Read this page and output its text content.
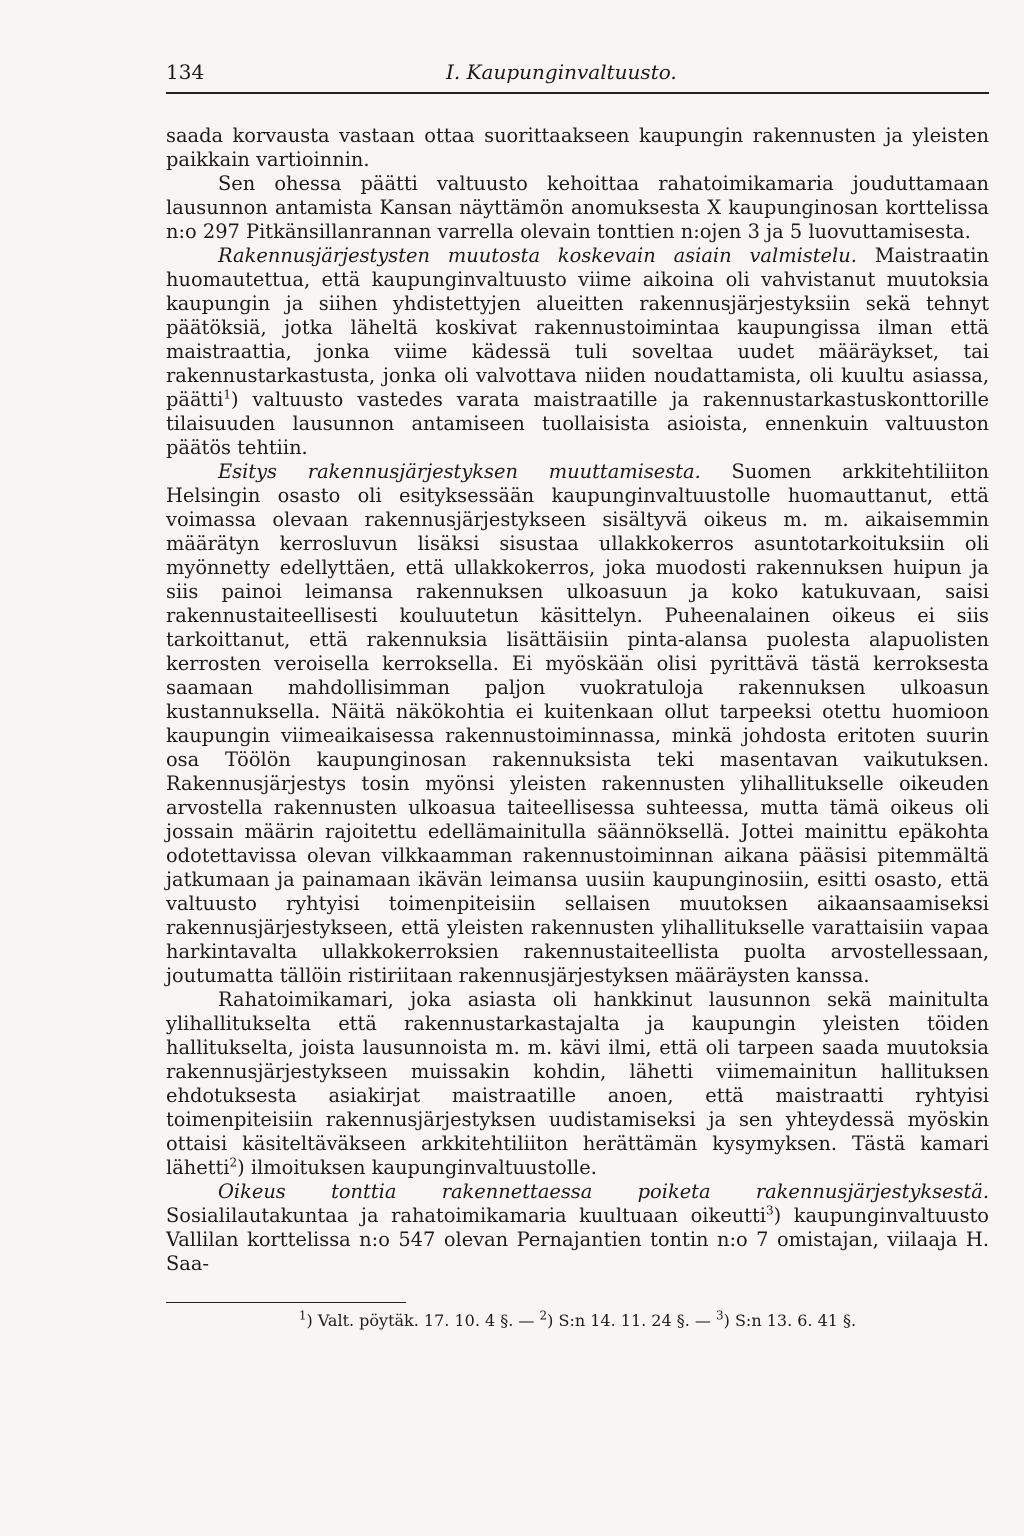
134	I. Kaupunginvaltuusto.

saada korvausta vastaan ottaa suorittaakseen kaupungin rakennusten ja yleisten paikkain vartioinnin.

Sen ohessa päätti valtuusto kehoittaa rahatoimikamaria jouduttamaan lausunnon antamista Kansan näyttämön anomuksesta X kaupunginosan korttelissa n:o 297 Pitkänsillanrannan varrella olevain tonttien n:ojen 3 ja 5 luovuttamisesta.

Rakennusjärjestysten muutosta koskevain asiain valmistelu. Maistraatin huomautettua, että kaupunginvaltuusto viime aikoina oli vahvistanut muutoksia kaupungin ja siihen yhdistettyjen alueitten rakennusjärjestyksiin sekä tehnyt päätöksiä, jotka läheltä koskivat rakennustoimintaa kaupungissa ilman että maistraattia, jonka viime kädessä tuli soveltaa uudet määräykset, tai rakennustarkastusta, jonka oli valvottava niiden noudattamista, oli kuultu asiassa, päätti$^1$) valtuusto vastedes varata maistraatille ja rakennustarkastuskonttorille tilaisuuden lausunnon antamiseen tuollaisista asioista, ennenkuin valtuuston päätös tehtiin.

Esitys rakennusjärjestyksen muuttamisesta. Suomen arkkitehtiliiton Helsingin osasto oli esityksessään kaupunginvaltuustolle huomauttanut, että voimassa olevaan rakennusjärjestykseen sisältyvä oikeus m. m. aikaisemmin määrätyn kerrosluvun lisäksi sisustaa ullakkokerros asuntotarkoituksiin oli myönnetty edellyttäen, että ullakkokerros, joka muodosti rakennuksen huipun ja siis painoi leimansa rakennuksen ulkoasuun ja koko katukuvaan, saisi rakennustaiteellisesti kouluutetun käsittelyn. Puheenalainen oikeus ei siis tarkoittanut, että rakennuksia lisättäisiin pinta-alansa puolesta alapuolisten kerrosten veroisella kerroksella. Ei myöskään olisi pyrittävä tästä kerroksesta saamaan mahdollisimman paljon vuokratuloja rakennuksen ulkoasun kustannuksella. Näitä näkökohtia ei kuitenkaan ollut tarpeeksi otettu huomioon kaupungin viimeaikaisessa rakennustoiminnassa, minkä johdosta eritoten suurin osa Töölön kaupunginosan rakennuksista teki masentavan vaikutuksen. Rakennusjärjestys tosin myönsi yleisten rakennusten ylihallitukselle oikeuden arvostella rakennusten ulkoasua taiteellisessa suhteessa, mutta tämä oikeus oli jossain määrin rajoitettu edellämainitulla säännöksellä. Jottei mainittu epäkohta odotettavissa olevan vilkkaamman rakennustoiminnan aikana pääsisi pitemmältä jatkumaan ja painamaan ikävän leimansa uusiin kaupunginosiin, esitti osasto, että valtuusto ryhtyisi toimenpiteisiin sellaisen muutoksen aikaansaamiseksi rakennusjärjestykseen, että yleisten rakennusten ylihallitukselle varattaisiin vapaa harkintavalta ullakkokerroksien rakennustaiteellista puolta arvostellessaan, joutumatta tällöin ristiriitaan rakennusjärjestyksen määräysten kanssa.

Rahatoimikamari, joka asiasta oli hankkinut lausunnon sekä mainitulta ylihallitukselta että rakennustarkastajalta ja kaupungin yleisten töiden hallitukselta, joista lausunnoista m. m. kävi ilmi, että oli tarpeen saada muutoksia rakennusjärjestykseen muissakin kohdin, lähetti viimemainitun hallituksen ehdotuksesta asiakirjat maistraatille anoen, että maistraatti ryhtyisi toimenpiteisiin rakennusjärjestyksen uudistamiseksi ja sen yhteydessä myöskin ottaisi käsiteltäväkseen arkkitehtiliiton herättämän kysymyksen. Tästä kamari lähetti$^2$) ilmoituksen kaupunginvaltuustolle.

Oikeus tonttia rakennettaessa poiketa rakennusjärjestyksestä. Sosialilautakuntaa ja rahatoimikamaria kuultuaan oikeutti$^3$) kaupunginvaltuusto Vallilan korttelissa n:o 547 olevan Pernajantien tontin n:o 7 omistajan, viilaaja H. Saa-

$^1$) Valt. pöytäk. 17. 10. 4 §. — $^2$) S:n 14. 11. 24 §. — $^3$) S:n 13. 6. 41 §.
